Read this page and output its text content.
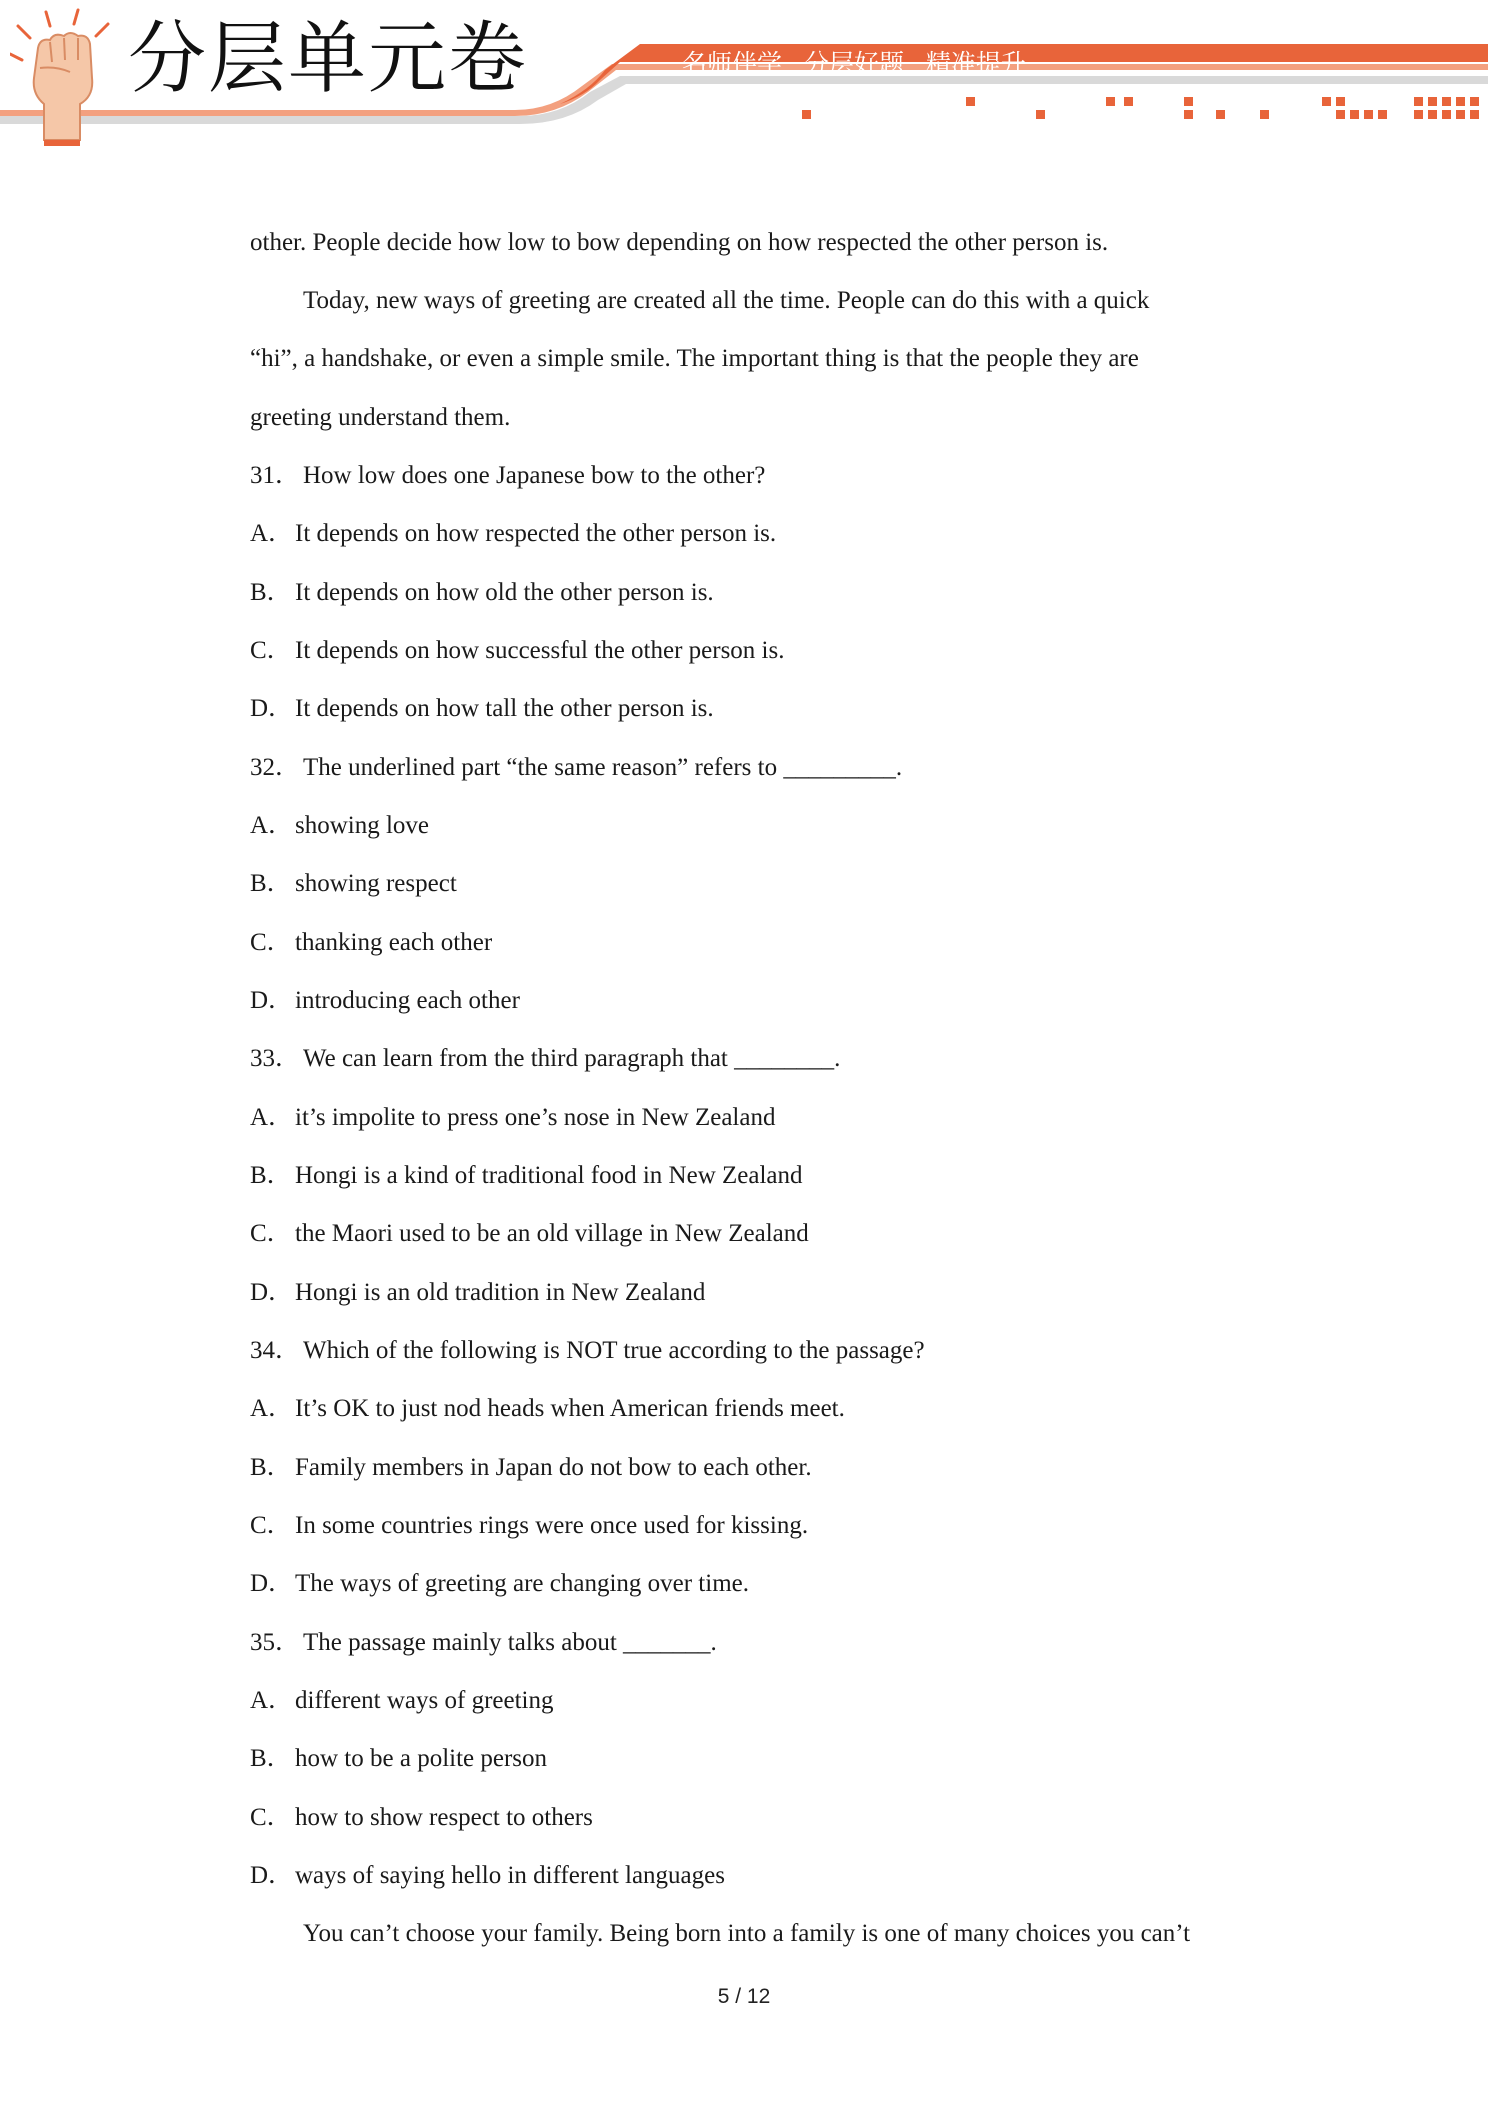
分层单元卷	名师伴学 分层好题 精准提升
other. People decide how low to bow depending on how respected the other person is.
Today, new ways of greeting are created all the time. People can do this with a quick
“hi”, a handshake, or even a simple smile. The important thing is that the people they are
greeting understand them.
31． How low does one Japanese bow to the other?
A．It depends on how respected the other person is.
B． It depends on how old the other person is.
C． It depends on how successful the other person is.
D．It depends on how tall the other person is.
32． The underlined part “the same reason” refers to _________.
A．showing love
B． showing respect
C． thanking each other
D．introducing each other
33． We can learn from the third paragraph that ________.
A．it’s impolite to press one’s nose in New Zealand
B． Hongi is a kind of traditional food in New Zealand
C． the Maori used to be an old village in New Zealand
D．Hongi is an old tradition in New Zealand
34． Which of the following is NOT true according to the passage?
A．It’s OK to just nod heads when American friends meet.
B． Family members in Japan do not bow to each other.
C． In some countries rings were once used for kissing.
D．The ways of greeting are changing over time.
35． The passage mainly talks about _______.
A．different ways of greeting
B． how to be a polite person
C． how to show respect to others
D．ways of saying hello in different languages
You can’t choose your family. Being born into a family is one of many choices you can’t
5 / 12
